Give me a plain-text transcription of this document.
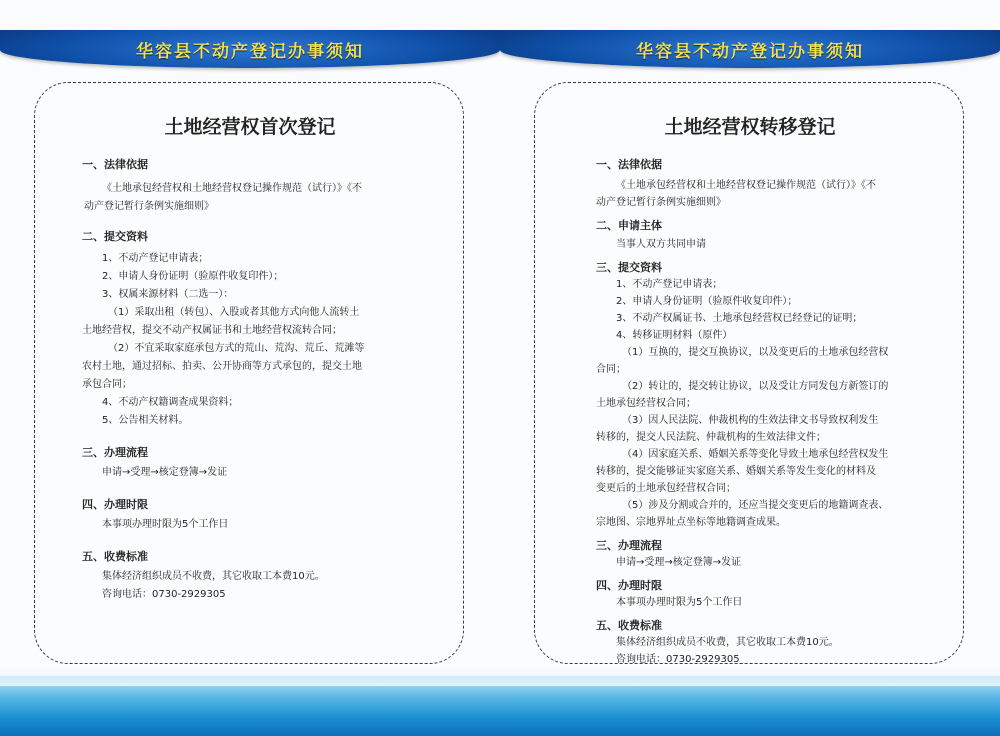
华容县不动产登记办事须知
土地经营权首次登记
一、法律依据
《土地承包经营权和土地经营权登记操作规范（试行）》《不
动产登记暂行条例实施细则》
二、提交资料
1、不动产登记申请表；
2、申请人身份证明（验原件收复印件）；
3、权属来源材料（二选一）：
（1）采取出租（转包）、入股或者其他方式向他人流转土
土地经营权，提交不动产权属证书和土地经营权流转合同；
（2）不宜采取家庭承包方式的荒山、荒沟、荒丘、荒滩等
农村土地，通过招标、拍卖、公开协商等方式承包的，提交土地
承包合同；
4、不动产权籍调查成果资料；
5、公告相关材料。
三、办理流程
申请→受理→核定登簿→发证
四、办理时限
本事项办理时限为5个工作日
五、收费标准
集体经济组织成员不收费，其它收取工本费10元。
咨询电话：0730-2929305
华容县不动产登记办事须知
土地经营权转移登记
一、法律依据
《土地承包经营权和土地经营权登记操作规范（试行）》《不
动产登记暂行条例实施细则》
二、申请主体
当事人双方共同申请
三、提交资料
1、不动产登记申请表；
2、申请人身份证明（验原件收复印件）；
3、不动产权属证书、土地承包经营权已经登记的证明；
4、转移证明材料（原件）
（1）互换的，提交互换协议，以及变更后的土地承包经营权
合同；
（2）转让的，提交转让协议，以及受让方同发包方新签订的
土地承包经营权合同；
（3）因人民法院、仲裁机构的生效法律文书导致权利发生
转移的，提交人民法院、仲裁机构的生效法律文件；
（4）因家庭关系、婚姻关系等变化导致土地承包经营权发生
转移的，提交能够证实家庭关系、婚姻关系等发生变化的材料及
变更后的土地承包经营权合同；
（5）涉及分割或合并的，还应当提交变更后的地籍调查表、
宗地图、宗地界址点坐标等地籍调查成果。
三、办理流程
申请→受理→核定登簿→发证
四、办理时限
本事项办理时限为5个工作日
五、收费标准
集体经济组织成员不收费，其它收取工本费10元。
咨询电话：0730-2929305
